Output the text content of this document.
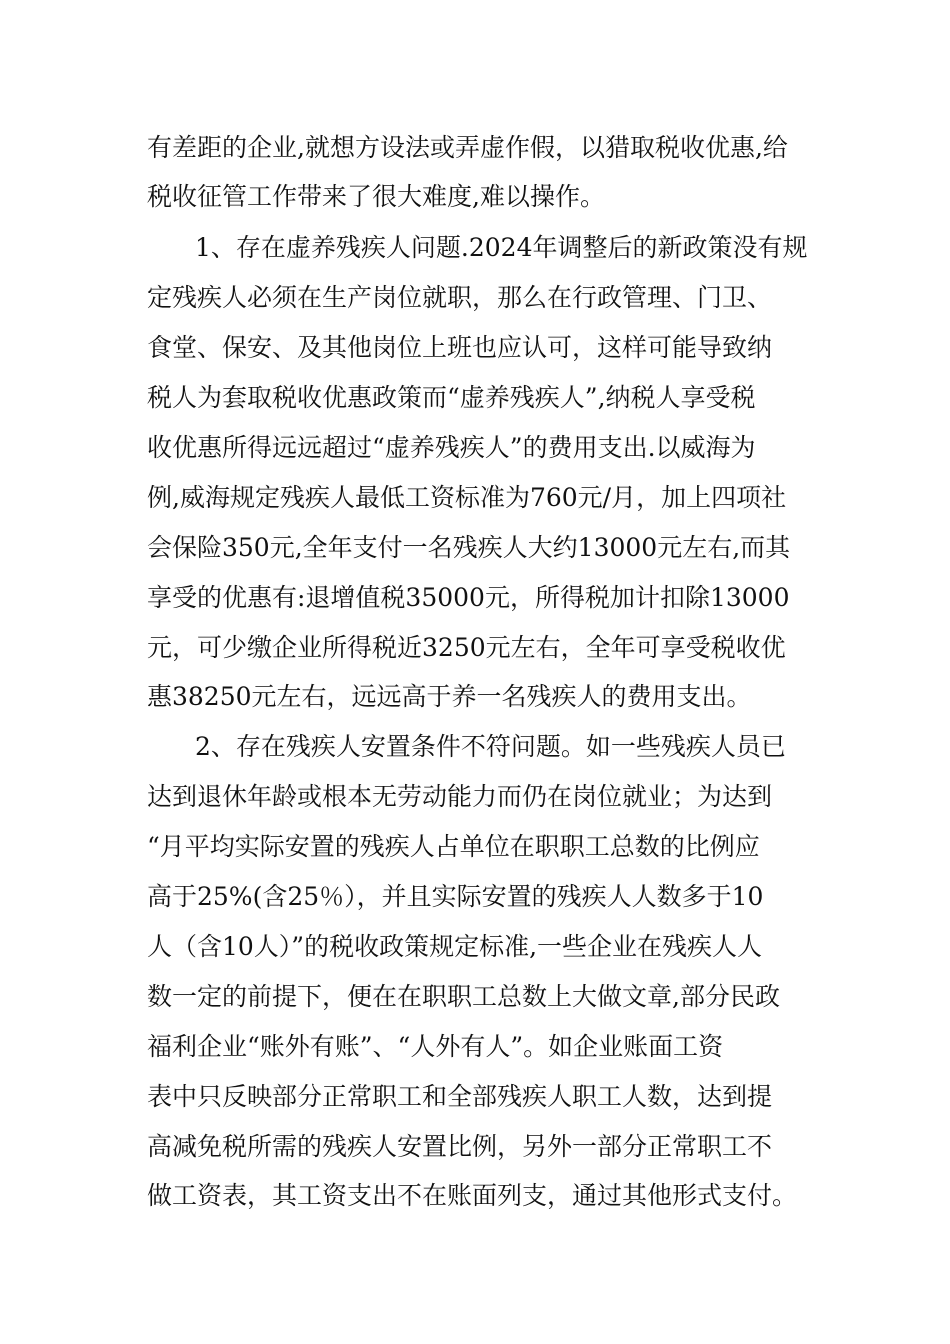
有差距的企业,就想方设法或弄虚作假，以猎取税收优惠,给
税收征管工作带来了很大难度,难以操作。
1、存在虚养残疾人问题.2024年调整后的新政策没有规
定残疾人必须在生产岗位就职，那么在行政管理、门卫、
食堂、保安、及其他岗位上班也应认可，这样可能导致纳
税人为套取税收优惠政策而“虚养残疾人”,纳税人享受税
收优惠所得远远超过“虚养残疾人”的费用支出.以威海为
例,威海规定残疾人最低工资标准为760元/月，加上四项社
会保险350元,全年支付一名残疾人大约13000元左右,而其
享受的优惠有:退增值税35000元，所得税加计扣除13000
元，可少缴企业所得税近3250元左右，全年可享受税收优
惠38250元左右，远远高于养一名残疾人的费用支出。
2、存在残疾人安置条件不符问题。如一些残疾人员已
达到退休年龄或根本无劳动能力而仍在岗位就业；为达到
“月平均实际安置的残疾人占单位在职职工总数的比例应
高于25%(含25％），并且实际安置的残疾人人数多于10
人（含10人）”的税收政策规定标准,一些企业在残疾人人
数一定的前提下，便在在职职工总数上大做文章,部分民政
福利企业“账外有账”、“人外有人”。如企业账面工资
表中只反映部分正常职工和全部残疾人职工人数，达到提
高减免税所需的残疾人安置比例，另外一部分正常职工不
做工资表，其工资支出不在账面列支，通过其他形式支付。
